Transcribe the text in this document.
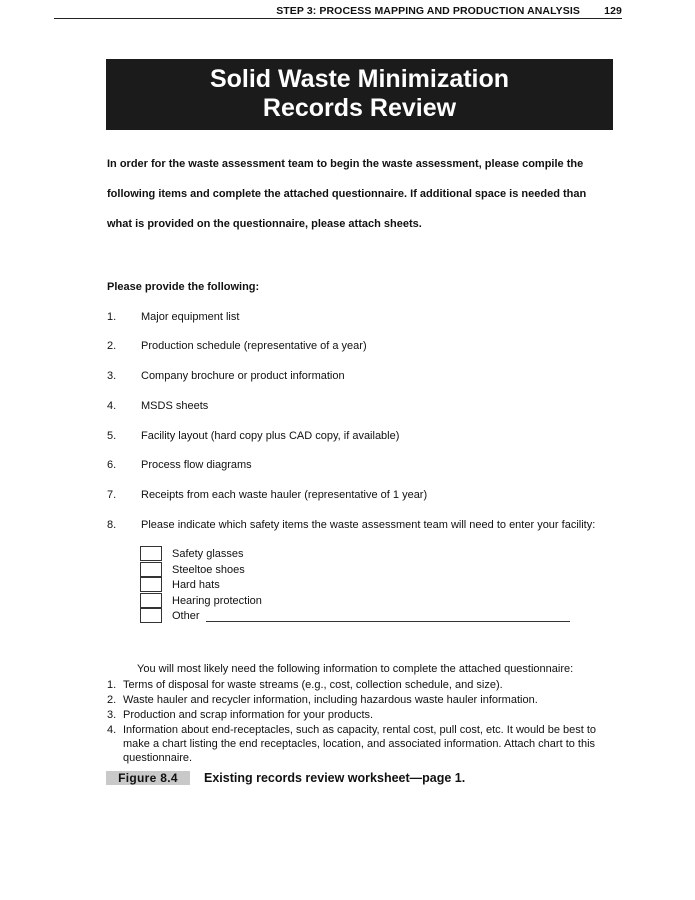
STEP 3: PROCESS MAPPING AND PRODUCTION ANALYSIS 129
Solid Waste Minimization
Records Review
In order for the waste assessment team to begin the waste assessment, please compile the
following items and complete the attached questionnaire. If additional space is needed than
what is provided on the questionnaire, please attach sheets.
Please provide the following:
1. Major equipment list
2. Production schedule (representative of a year)
3. Company brochure or product information
4. MSDS sheets
5. Facility layout (hard copy plus CAD copy, if available)
6. Process flow diagrams
7. Receipts from each waste hauler (representative of 1 year)
8. Please indicate which safety items the waste assessment team will need to enter your facility:
Safety glasses
Steeltoe shoes
Hard hats
Hearing protection
Other
You will most likely need the following information to complete the attached questionnaire:
1. Terms of disposal for waste streams (e.g., cost, collection schedule, and size).
2. Waste hauler and recycler information, including hazardous waste hauler information.
3. Production and scrap information for your products.
4. Information about end-receptacles, such as capacity, rental cost, pull cost, etc. It would be best to make a chart listing the end receptacles, location, and associated information. Attach chart to this questionnaire.
Figure 8.4	Existing records review worksheet—page 1.
